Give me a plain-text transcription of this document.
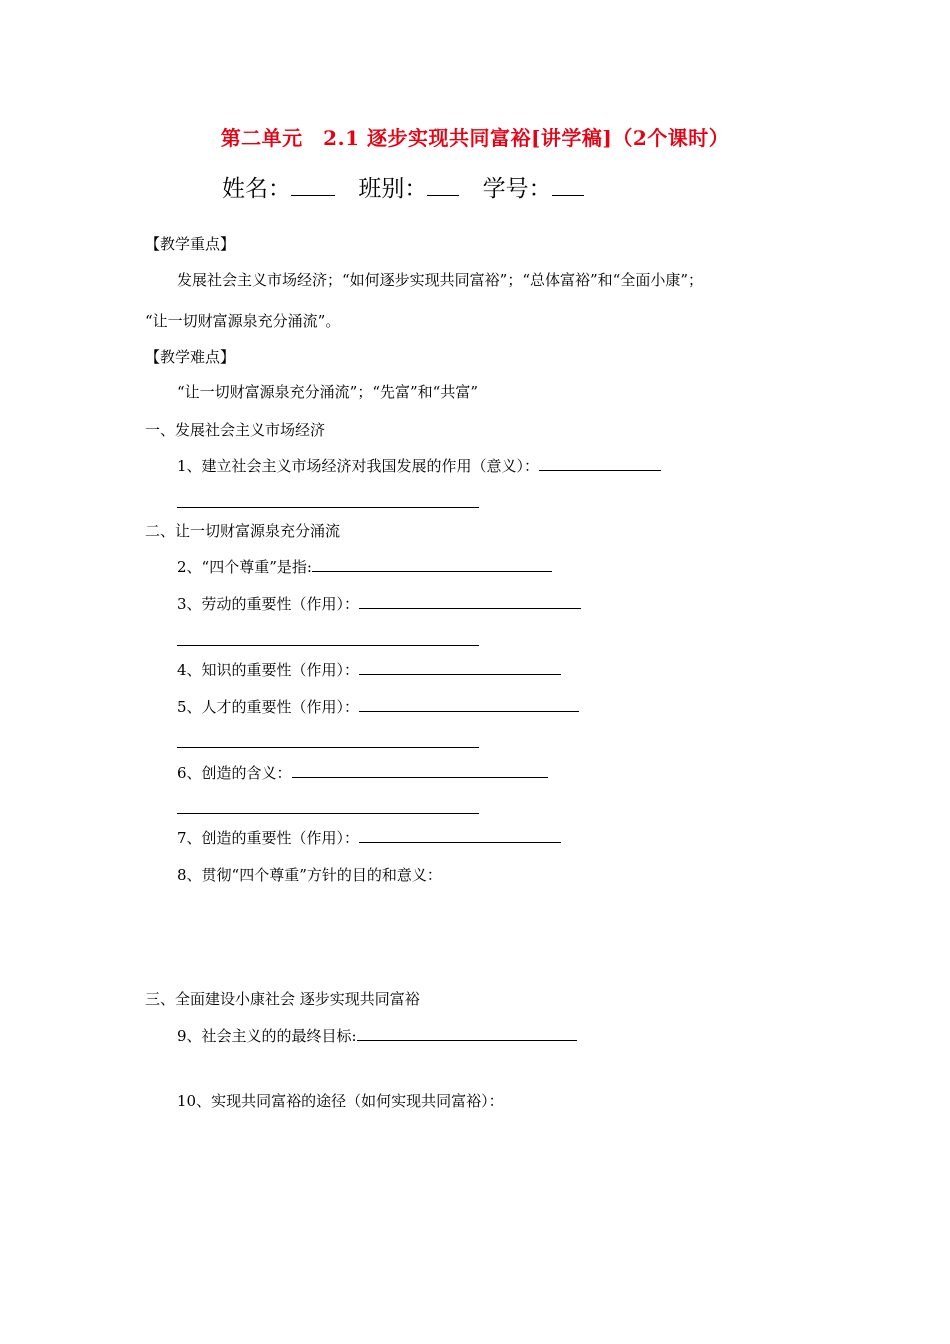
第二单元　2.1 逐步实现共同富裕[讲学稿]（2个课时）
姓名：	班别： 学号：
【教学重点】
发展社会主义市场经济；“如何逐步实现共同富裕”；“总体富裕”和“全面小康”；
“让一切财富源泉充分涌流”。
【教学难点】
“让一切财富源泉充分涌流”；“先富”和“共富”
一、发展社会主义市场经济
1、建立社会主义市场经济对我国发展的作用（意义）：
二、让一切财富源泉充分涌流
2、“四个尊重”是指:
3、劳动的重要性（作用）：
4、知识的重要性（作用）：
5、人才的重要性（作用）：
6、创造的含义：
7、创造的重要性（作用）：
8、贯彻“四个尊重”方针的目的和意义：
三、全面建设小康社会 逐步实现共同富裕
9、社会主义的的最终目标:
10、实现共同富裕的途径（如何实现共同富裕）：
